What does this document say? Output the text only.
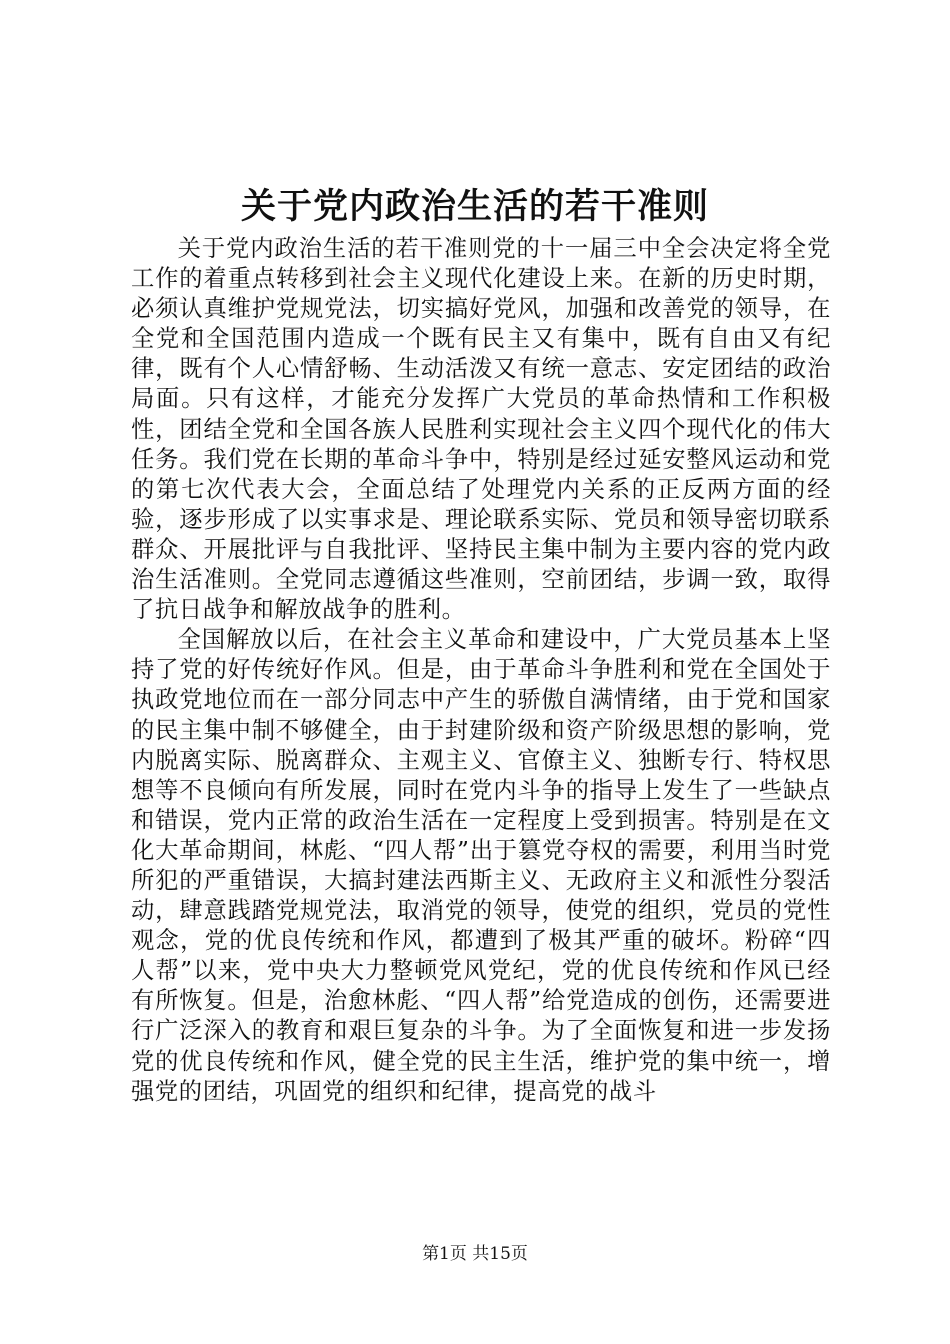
关于党内政治生活的若干准则

关于党内政治生活的若干准则党的十一届三中全会决定将全党工作的着重点转移到社会主义现代化建设上来。在新的历史时期，必须认真维护党规党法，切实搞好党风，加强和改善党的领导，在全党和全国范围内造成一个既有民主又有集中，既有自由又有纪律，既有个人心情舒畅、生动活泼又有统一意志、安定团结的政治局面。只有这样，才能充分发挥广大党员的革命热情和工作积极性，团结全党和全国各族人民胜利实现社会主义四个现代化的伟大任务。我们党在长期的革命斗争中，特别是经过延安整风运动和党的第七次代表大会，全面总结了处理党内关系的正反两方面的经验，逐步形成了以实事求是、理论联系实际、党员和领导密切联系群众、开展批评与自我批评、坚持民主集中制为主要内容的党内政治生活准则。全党同志遵循这些准则，空前团结，步调一致，取得了抗日战争和解放战争的胜利。

全国解放以后，在社会主义革命和建设中，广大党员基本上坚持了党的好传统好作风。但是，由于革命斗争胜利和党在全国处于执政党地位而在一部分同志中产生的骄傲自满情绪，由于党和国家的民主集中制不够健全，由于封建阶级和资产阶级思想的影响，党内脱离实际、脱离群众、主观主义、官僚主义、独断专行、特权思想等不良倾向有所发展，同时在党内斗争的指导上发生了一些缺点和错误，党内正常的政治生活在一定程度上受到损害。特别是在文化大革命期间，林彪、“四人帮”出于篡党夺权的需要，利用当时党所犯的严重错误，大搞封建法西斯主义、无政府主义和派性分裂活动，肆意践踏党规党法，取消党的领导，使党的组织，党员的党性观念，党的优良传统和作风，都遭到了极其严重的破坏。粉碎“四人帮”以来，党中央大力整顿党风党纪，党的优良传统和作风已经有所恢复。但是，治愈林彪、“四人帮”给党造成的创伤，还需要进行广泛深入的教育和艰巨复杂的斗争。为了全面恢复和进一步发扬党的优良传统和作风，健全党的民主生活，维护党的集中统一，增强党的团结，巩固党的组织和纪律，提高党的战斗

第1页 共15页
